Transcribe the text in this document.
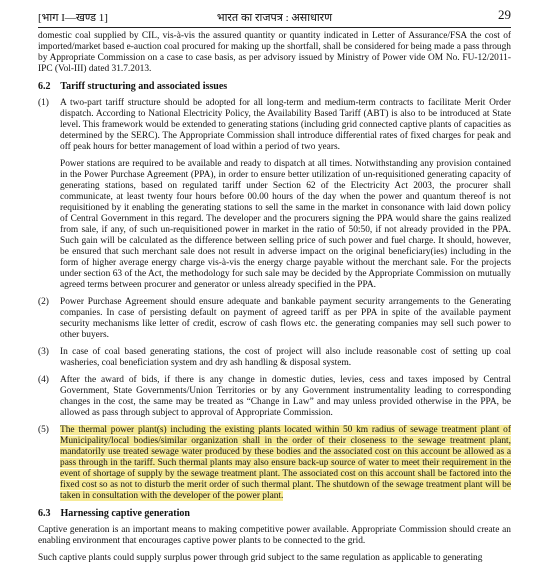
[भाग I—खण्ड 1]	भारत का राजपत्र : असाधारण	29

domestic coal supplied by CIL, vis-à-vis the assured quantity or quantity indicated in Letter of Assurance/FSA the cost of imported/market based e-auction coal procured for making up the shortfall, shall be considered for being made a pass through by Appropriate Commission on a case to case basis, as per advisory issued by Ministry of Power vide OM No. FU-12/2011-IPC (Vol-III) dated 31.7.2013.

6.2 Tariff structuring and associated issues
(1)	A two-part tariff structure should be adopted for all long-term and medium-term contracts to facilitate Merit Order dispatch. According to National Electricity Policy, the Availability Based Tariff (ABT) is also to be introduced at State level. This framework would be extended to generating stations (including grid connected captive plants of capacities as determined by the SERC). The Appropriate Commission shall introduce differential rates of fixed charges for peak and off peak hours for better management of load within a period of two years.

Power stations are required to be available and ready to dispatch at all times. Notwithstanding any provision contained in the Power Purchase Agreement (PPA), in order to ensure better utilization of un-requisitioned generating capacity of generating stations, based on regulated tariff under Section 62 of the Electricity Act 2003, the procurer shall communicate, at least twenty four hours before 00.00 hours of the day when the power and quantum thereof is not requisitioned by it enabling the generating stations to sell the same in the market in consonance with laid down policy of Central Government in this regard. The developer and the procurers signing the PPA would share the gains realized from sale, if any, of such un-requisitioned power in market in the ratio of 50:50, if not already provided in the PPA. Such gain will be calculated as the difference between selling price of such power and fuel charge. It should, however, be ensured that such merchant sale does not result in adverse impact on the original beneficiary(ies) including in the form of higher average energy charge vis-à-vis the energy charge payable without the merchant sale. For the projects under section 63 of the Act, the methodology for such sale may be decided by the Appropriate Commission on mutually agreed terms between procurer and generator or unless already specified in the PPA.

(2)	Power Purchase Agreement should ensure adequate and bankable payment security arrangements to the Generating companies. In case of persisting default on payment of agreed tariff as per PPA in spite of the available payment security mechanisms like letter of credit, escrow of cash flows etc. the generating companies may sell such power to other buyers.

(3)	In case of coal based generating stations, the cost of project will also include reasonable cost of setting up coal washeries, coal beneficiation system and dry ash handling & disposal system.

(4)	After the award of bids, if there is any change in domestic duties, levies, cess and taxes imposed by Central Government, State Governments/Union Territories or by any Government instrumentality leading to corresponding changes in the cost, the same may be treated as “Change in Law” and may unless provided otherwise in the PPA, be allowed as pass through subject to approval of Appropriate Commission.

(5)	The thermal power plant(s) including the existing plants located within 50 km radius of sewage treatment plant of Municipality/local bodies/similar organization shall in the order of their closeness to the sewage treatment plant, mandatorily use treated sewage water produced by these bodies and the associated cost on this account be allowed as a pass through in the tariff. Such thermal plants may also ensure back-up source of water to meet their requirement in the event of shortage of supply by the sewage treatment plant. The associated cost on this account shall be factored into the fixed cost so as not to disturb the merit order of such thermal plant. The shutdown of the sewage treatment plant will be taken in consultation with the developer of the power plant.

6.3 Harnessing captive generation

Captive generation is an important means to making competitive power available. Appropriate Commission should create an enabling environment that encourages captive power plants to be connected to the grid.

Such captive plants could supply surplus power through grid subject to the same regulation as applicable to generating
